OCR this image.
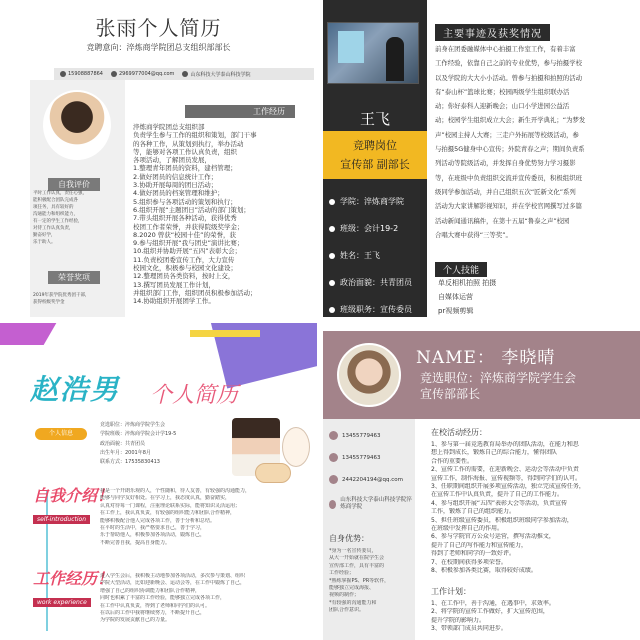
张雨个人简历
竞聘意向：淬炼商学院团总支组织部部长
15908887864	2969977004@qq.com	山东科技大学泰山科技学院
自我评价
平时工作认真，责任心强，
能积极配合团队完成各
项任务，具有较好的
沟通能力和组织能力，
有一定的学生工作经验，
对待工作认真负责，
勤奋好学，
乐于助人。
荣誉奖项
2019年获学院优秀团干部，
获得校级奖学金
工作经历
淬炼商学院团总支组织部
负责学生参与工作的组织和策划，部门干事
的各种工作，从策划到执行，举办活动
等，能够对各项工作认真负责，组织
各项活动，了解团员发展，
1.整理青年团员的资料，建档管理；
2.做好团员的信息统计工作；
3.协助开展每周的团日活动；
4.做好团员的档案管理和维护；
5.组织参与各项活动的策划和执行；
6.组织开展“主题团日”活动的部门策划；
7.带头组织开展各种活动，获得优秀
校团工作者荣誉，并获得院级奖学金；
8.2020 曾获“校园十佳”的荣誉，获
9.参与组织开展“我与团史”演讲比赛；
10.组织并协助开展“五四”表彰大会；
11.负责校团委宣传工作，大力宣传
校园文化，积极参与校园文化建设；
12.整理团员各类资料，按时上交，
13.撰写团员发展工作计划，
并组织部门工作，组织团员积极参加活动；
14.协助组织开展团学工作。
王飞
竞聘岗位
宣传部 副部长
学院：淬炼商学院
班级：会计19-2
姓名：王飞
政治面貌：共青团员
班级职务：宣传委员
主要事迹及获奖情况
前身在团委融媒体中心拍摄工作室工作，有着丰富
工作经验，依靠自己之前的专业优势，参与拍摄学校
以及学院的大大小小活动。曾参与拍摄和拍照的活动
有“泰山杯”篮球比赛；校园两级学生组织联办活
动；你好泰科人迎新晚会；山口小学进园公益活
动；校园学生组织成立大会；新生开学典礼；“为梦发
声”校园主持人大赛；三走户外拓展等校级活动，参
与拍摄5G健身中心宣传；外院青春之声；期间负责系
列活动等院级活动，并发挥自身优势努力学习摄影
等，在班级中负责组织交流并宣传委员，积极组织班
级同学参加活动，并自己组织五次“匠新文化”系列
活动为大家讲解影视知识，并在学校官网撰写过多篇
活动新闻通讯稿件，在第十五届“鲁泰之声”校园
合唱大赛中获得“三等奖”。
个人技能
单反相机拍照 拍摄
自媒体运营
pr视频剪辑
赵浩男 个人简历
个人信息
竞选职位：淬炼商学院学生会
学院班级：淬炼商学院会计学19-5
政治面貌：共青团员
出生年月：2001年8月
联系方式：17535830413
自我介绍！
self-introduction
我是一个开朗乐观的人，个性随和，待人友善，有较强的沟通能力，
能够与同学友好相处。在学习上，我态度认真，勤奋踏实，
认真对待每一门课程，注重理论联系实际，能将知识灵活运用；
在工作上，我认真负责，有较强的组织能力和团队合作精神，
能够积极配合他人完成各项工作，善于分析和总结。
在平时的生活中，我严格要求自己，善于学习，
乐于帮助他人，积极参加各项活动，锻炼自己，
不断完善自我，提高自身能力。
工作经历！
work experience
进入学生会后，我积极主动地参加各项活动，多次参与策划、组织
学院大型活动，比如迎新晚会、运动会等，在工作中锻炼了自己，
增强了自己的组织协调能力和团队合作精神，
同时也积累了丰富的工作经验，能够独立完成各项工作，
在工作中认真负责，得到了老师和同学们的认可。
在以后的工作中我将继续努力，不断提升自己，
为学院的发展贡献自己的力量。
NAME： 李晓晴
竞选职位：淬炼商学院学生会
宣传部部长
13455779463
13455779463
2442204194@qq.com
山东科技大学泰山科技学院淬炼商学院
自身优势：
*身为一名宣传委员，
从大一开始就在院学生会
宣传部工作，具有丰富的
工作经验；
*熟练掌握PS、PR等软件，
能够独立完成海报、
视频的制作；
*有较强的沟通能力和
团队合作意识。
在校活动经历：
1、参与第一届竞选教育局举办的团队活动，在能力和思
想上得到成长，锻炼自己的综合能力，懂得团队
合作的重要性。
2、宣传工作的需要，在迎新晚会、运动会等活动中负责
宣传工作，制作海报、宣传视频等，得到同学们的认可。
3、任职期间组织开展多项宣传活动，独立完成宣传任务，
在宣传工作中认真负责，提升了自己的工作能力。
4、参与组织开展“五四”表彰大会等活动，负责宣传
工作，锻炼了自己的组织能力。
5、担任班级宣传委员，积极组织班级同学参加活动，
在班级中发挥自己的作用。
6、参与学院官方公众号运营，撰写活动推文，
提升了自己的写作能力和宣传能力，
得到了老师和同学的一致好评。
7、在校期间获得多项荣誉。
8、积极参加各类比赛，取得较好成绩。
工作计划：
1、在工作中，善于沟通，在遇事中，求效率。
2、将学院的宣传工作做好，扩大宣传范围，
提升学院的影响力。
3、带领部门成员共同进步。
